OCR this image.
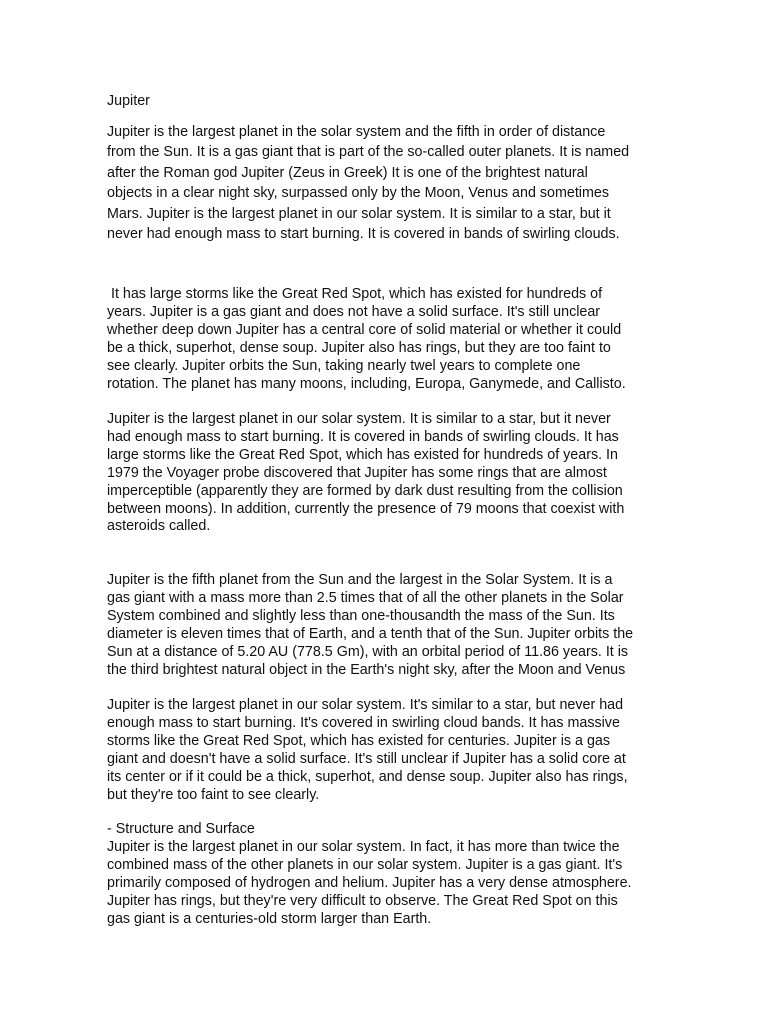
Jupiter

Jupiter is the largest planet in the solar system and the fifth in order of distance
from the Sun. It is a gas giant that is part of the so-called outer planets. It is named
after the Roman god Jupiter (Zeus in Greek) It is one of the brightest natural
objects in a clear night sky, surpassed only by the Moon, Venus and sometimes
Mars. Jupiter is the largest planet in our solar system. It is similar to a star, but it
never had enough mass to start burning. It is covered in bands of swirling clouds.

It has large storms like the Great Red Spot, which has existed for hundreds of
years. Jupiter is a gas giant and does not have a solid surface. It's still unclear
whether deep down Jupiter has a central core of solid material or whether it could
be a thick, superhot, dense soup. Jupiter also has rings, but they are too faint to
see clearly. Jupiter orbits the Sun, taking nearly twel years to complete one
rotation. The planet has many moons, including, Europa, Ganymede, and Callisto.

Jupiter is the largest planet in our solar system. It is similar to a star, but it never
had enough mass to start burning. It is covered in bands of swirling clouds. It has
large storms like the Great Red Spot, which has existed for hundreds of years. In
1979 the Voyager probe discovered that Jupiter has some rings that are almost
imperceptible (apparently they are formed by dark dust resulting from the collision
between moons). In addition, currently the presence of 79 moons that coexist with
asteroids called.

Jupiter is the fifth planet from the Sun and the largest in the Solar System. It is a
gas giant with a mass more than 2.5 times that of all the other planets in the Solar
System combined and slightly less than one-thousandth the mass of the Sun. Its
diameter is eleven times that of Earth, and a tenth that of the Sun. Jupiter orbits the
Sun at a distance of 5.20 AU (778.5 Gm), with an orbital period of 11.86 years. It is
the third brightest natural object in the Earth's night sky, after the Moon and Venus

Jupiter is the largest planet in our solar system. It's similar to a star, but never had
enough mass to start burning. It's covered in swirling cloud bands. It has massive
storms like the Great Red Spot, which has existed for centuries. Jupiter is a gas
giant and doesn't have a solid surface. It's still unclear if Jupiter has a solid core at
its center or if it could be a thick, superhot, and dense soup. Jupiter also has rings,
but they're too faint to see clearly.

- Structure and Surface
Jupiter is the largest planet in our solar system. In fact, it has more than twice the
combined mass of the other planets in our solar system. Jupiter is a gas giant. It's
primarily composed of hydrogen and helium. Jupiter has a very dense atmosphere.
Jupiter has rings, but they're very difficult to observe. The Great Red Spot on this
gas giant is a centuries-old storm larger than Earth.
